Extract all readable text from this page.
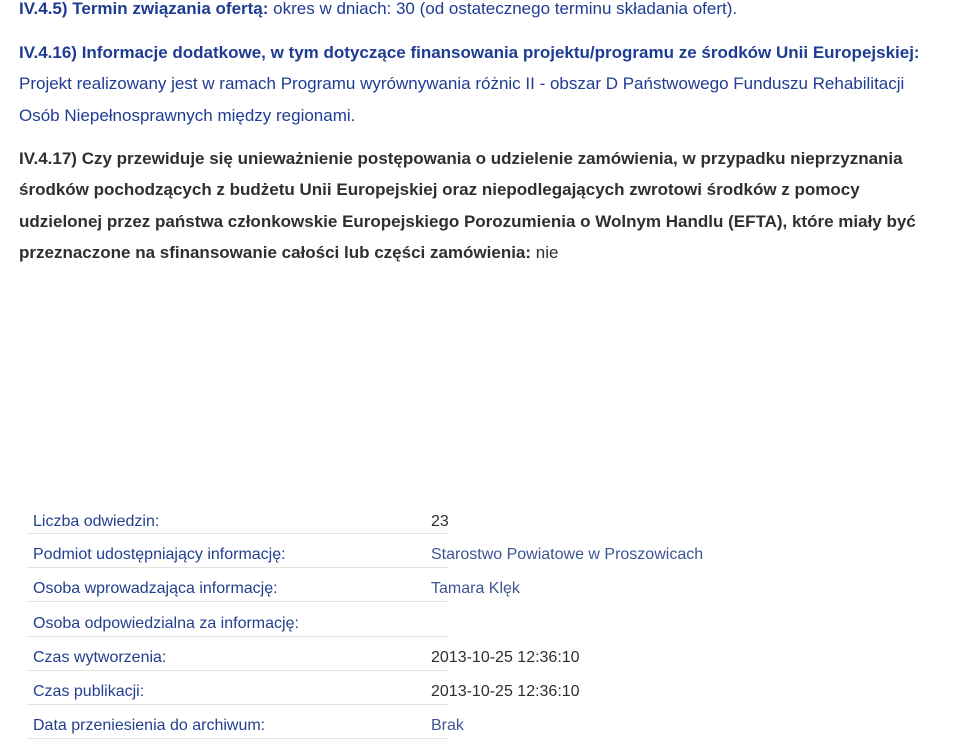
IV.4.5) Termin związania ofertą: okres w dniach: 30 (od ostatecznego terminu składania ofert).

IV.4.16) Informacje dodatkowe, w tym dotyczące finansowania projektu/programu ze środków Unii Europejskiej: Projekt realizowany jest w ramach Programu wyrównywania różnic II - obszar D Państwowego Funduszu Rehabilitacji Osób Niepełnosprawnych między regionami.

IV.4.17) Czy przewiduje się unieważnienie postępowania o udzielenie zamówienia, w przypadku nieprzyznania środków pochodzących z budżetu Unii Europejskiej oraz niepodlegających zwrotowi środków z pomocy udzielonej przez państwa członkowskie Europejskiego Porozumienia o Wolnym Handlu (EFTA), które miały być przeznaczone na sfinansowanie całości lub części zamówienia: nie

Liczba odwiedzin:	23
Podmiot udostępniający informację:	Starostwo Powiatowe w Proszowicach
Osoba wprowadzająca informację:	Tamara Klęk
Osoba odpowiedzialna za informację:
Czas wytworzenia:	2013-10-25 12:36:10
Czas publikacji:	2013-10-25 12:36:10
Data przeniesienia do archiwum:	Brak
